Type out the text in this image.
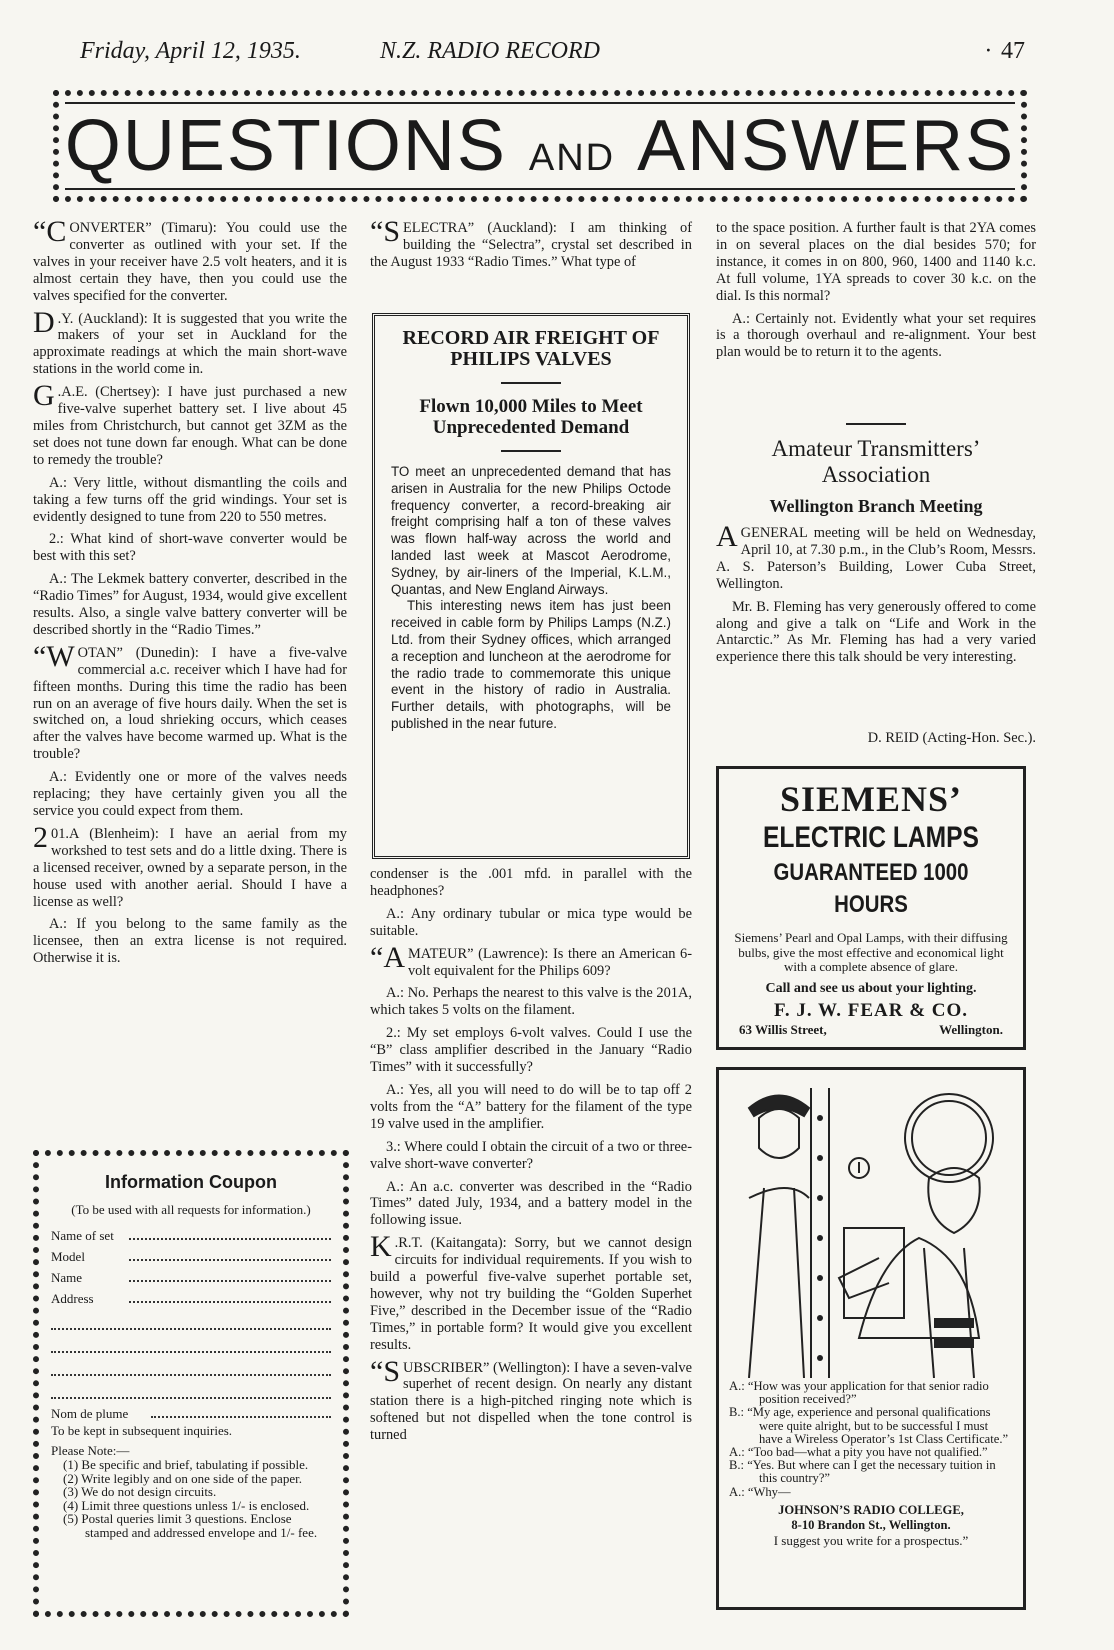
Friday, April 12, 1935.	N.Z. RADIO RECORD	· 47
QUESTIONS AND ANSWERS

“CONVERTER” (Timaru): You could use the converter as outlined with your set. If the valves in your receiver have 2.5 volt heaters, and it is almost certain they have, then you could use the valves specified for the converter.

D .Y. (Auckland): It is suggested that you write the makers of your set in Auckland for the approximate readings at which the main short-wave stations in the world come in.

G .A.E. (Chertsey): I have just purchased a new five-valve superhet battery set. I live about 45 miles from Christchurch, but cannot get 3ZM as the set does not tune down far enough. What can be done to remedy the trouble?

A.: Very little, without dismantling the coils and taking a few turns off the grid windings. Your set is evidently designed to tune from 220 to 550 metres.

2.: What kind of short-wave converter would be best with this set?

A.: The Lekmek battery converter, described in the “Radio Times” for August, 1934, would give excellent results. Also, a single valve battery converter will be described shortly in the “Radio Times.”

“WOTAN” (Dunedin): I have a five-valve commercial a.c. receiver which I have had for fifteen months. During this time the radio has been run on an average of five hours daily. When the set is switched on, a loud shrieking occurs, which ceases after the valves have become warmed up. What is the trouble?

A.: Evidently one or more of the valves needs replacing; they have certainly given you all the service you could expect from them.

2 01.A (Blenheim): I have an aerial from my workshed to test sets and do a little dxing. There is a licensed receiver, owned by a separate person, in the house used with another aerial. Should I have a license as well?

A.: If you belong to the same family as the licensee, then an extra license is not required. Otherwise it is.

“SELECTRA” (Auckland): I am thinking of building the “Selectra”, crystal set described in the August 1933 “Radio Times.” What type of

RECORD AIR FREIGHT OF PHILIPS VALVES
Flown 10,000 Miles to Meet Unprecedented Demand

TO meet an unprecedented demand that has arisen in Australia for the new Philips Octode frequency converter, a record-breaking air freight comprising half a ton of these valves was flown half-way across the world and landed last week at Mascot Aerodrome, Sydney, by air-liners of the Imperial, K.L.M., Quantas, and New England Airways.

This interesting news item has just been received in cable form by Philips Lamps (N.Z.) Ltd. from their Sydney offices, which arranged a reception and luncheon at the aerodrome for the radio trade to commemorate this unique event in the history of radio in Australia. Further details, with photographs, will be published in the near future.

condenser is the .001 mfd. in parallel with the headphones?

A.: Any ordinary tubular or mica type would be suitable.

“AMATEUR” (Lawrence): Is there an American 6-volt equivalent for the Philips 609?

A.: No. Perhaps the nearest to this valve is the 201A, which takes 5 volts on the filament.

2.: My set employs 6-volt valves. Could I use the “B” class amplifier described in the January “Radio Times” with it successfully?

A.: Yes, all you will need to do will be to tap off 2 volts from the “A” battery for the filament of the type 19 valve used in the amplifier.

3.: Where could I obtain the circuit of a two or three-valve short-wave converter?

A.: An a.c. converter was described in the “Radio Times” dated July, 1934, and a battery model in the following issue.

K .R.T. (Kaitangata): Sorry, but we cannot design circuits for individual requirements. If you wish to build a powerful five-valve superhet portable set, however, why not try building the “Golden Superhet Five,” described in the December issue of the “Radio Times,” in portable form? It would give you excellent results.

“SUBSCRIBER” (Wellington): I have a seven-valve superhet of recent design. On nearly any distant station there is a high-pitched ringing note which is softened but not dispelled when the tone control is turned

to the space position. A further fault is that 2YA comes in on several places on the dial besides 570; for instance, it comes in on 800, 960, 1400 and 1140 k.c. At full volume, 1YA spreads to cover 30 k.c. on the dial. Is this normal?

A.: Certainly not. Evidently what your set requires is a thorough overhaul and re-alignment. Your best plan would be to return it to the agents.

Amateur Transmitters’ Association
Wellington Branch Meeting

A GENERAL meeting will be held on Wednesday, April 10, at 7.30 p.m., in the Club’s Room, Messrs. A. S. Paterson’s Building, Lower Cuba Street, Wellington.

Mr. B. Fleming has very generously offered to come along and give a talk on “Life and Work in the Antarctic.” As Mr. Fleming has had a very varied experience there this talk should be very interesting.

D. REID (Acting-Hon. Sec.).
SIEMENS’
ELECTRIC LAMPS
GUARANTEED 1000 HOURS
Siemens’ Pearl and Opal Lamps, with their diffusing bulbs, give the most effective and economical light with a complete absence of glare.
Call and see us about your lighting.
F. J. W. FEAR & CO.
63 Willis Street,	Wellington.
A.: “How was your application for that senior radio position received?”
B.: “My age, experience and personal qualifications were quite alright, but to be successful I must have a Wireless Operator’s 1st Class Certificate.”
A.: “Too bad—what a pity you have not qualified.”
B.: “Yes. But where can I get the necessary tuition in this country?”
A.: “Why—
JOHNSON’S RADIO COLLEGE,
8-10 Brandon St., Wellington.
I suggest you write for a prospectus.”
Information Coupon
(To be used with all requests for information.)
Name of set
Model
Name
Address
Nom de plume
To be kept in subsequent inquiries.
Please Note:—
(1) Be specific and brief, tabulating if possible.
(2) Write legibly and on one side of the paper.
(3) We do not design circuits.
(4) Limit three questions unless 1/- is enclosed.
(5) Postal queries limit 3 questions. Enclose stamped and addressed envelope and 1/- fee.
